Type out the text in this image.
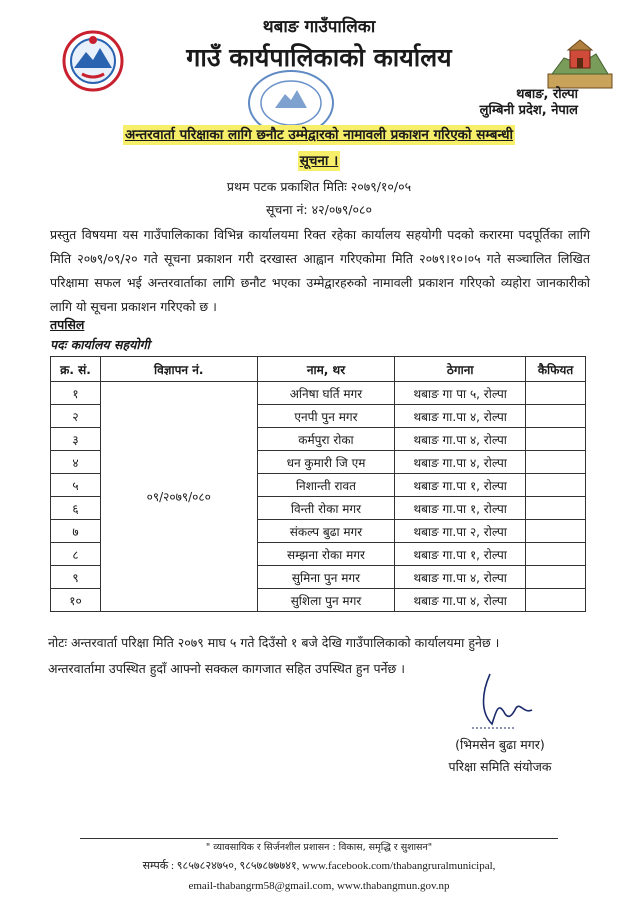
थबाङ गाउँपालिका
गाउँ कार्यपालिकाको कार्यालय
थबाङ, रोल्पा
लुम्बिनी प्रदेश, नेपाल
अन्तरवार्ता परिक्षाका लागि छनौट उम्मेद्वारको नामावली प्रकाशन गरिएको सम्बन्धी
सूचना ।
प्रथम पटक प्रकाशित मितिः २०७९/१०/०५
सूचना नं: ४२/०७९/०८०
प्रस्तुत विषयमा यस गाउँपालिकाका विभिन्न कार्यालयमा रिक्त रहेका कार्यालय सहयोगी पदको करारमा पदपूर्तिका लागि मिति २०७९/०९/२० गते सूचना प्रकाशन गरी दरखास्त आह्वान गरिएकोमा मिति २०७९।१०।०५ गते सञ्चालित लिखित परिक्षामा सफल भई अन्तरवार्ताका लागि छनौट भएका उम्मेद्वारहरुको नामावली प्रकाशन गरिएको व्यहोरा जानकारीको लागि यो सूचना प्रकाशन गरिएको छ ।
तपसिल
पदः कार्यालय सहयोगी
क्र. सं.	विज्ञापन नं.	नाम, थर	ठेगाना	कैफियत
१	०९/२०७९/०८०	अनिषा घर्ति मगर	थबाङ गा पा ५, रोल्पा	
२		एनपी पुन मगर	थबाङ गा.पा ४, रोल्पा	
३		कर्मपुरा रोका	थबाङ गा.पा ४, रोल्पा	
४		धन कुमारी जि एम	थबाङ गा.पा ४, रोल्पा	
५		निशान्ती रावत	थबाङ गा.पा १, रोल्पा	
६		विन्ती रोका मगर	थबाङ गा.पा १, रोल्पा	
७		संकल्प बुढा मगर	थबाङ गा.पा २, रोल्पा	
८		सम्झना रोका मगर	थबाङ गा.पा १, रोल्पा	
९		सुमिना पुन मगर	थबाङ गा.पा ४, रोल्पा	
१०		सुशिला पुन मगर	थबाङ गा.पा ४, रोल्पा	
नोटः अन्तरवार्ता परिक्षा मिति २०७९ माघ ५ गते दिउँसो १ बजे देखि गाउँपालिकाको कार्यालयमा हुनेछ ।
अन्तरवार्तामा उपस्थित हुदाँ आफ्नो सक्कल कागजात सहित उपस्थित हुन पर्नेछ ।
(भिमसेन बुढा मगर)
परिक्षा समिति संयोजक
" व्यावसायिक र सिर्जनशील प्रशासन : विकास, समृद्धि र सुशासन"
सम्पर्क : ९८५७८२४७५०, ९८५७८७७७४१, www.facebook.com/thabangruralmunicipal,
email-thabangrm58@gmail.com, www.thabangmun.gov.np
